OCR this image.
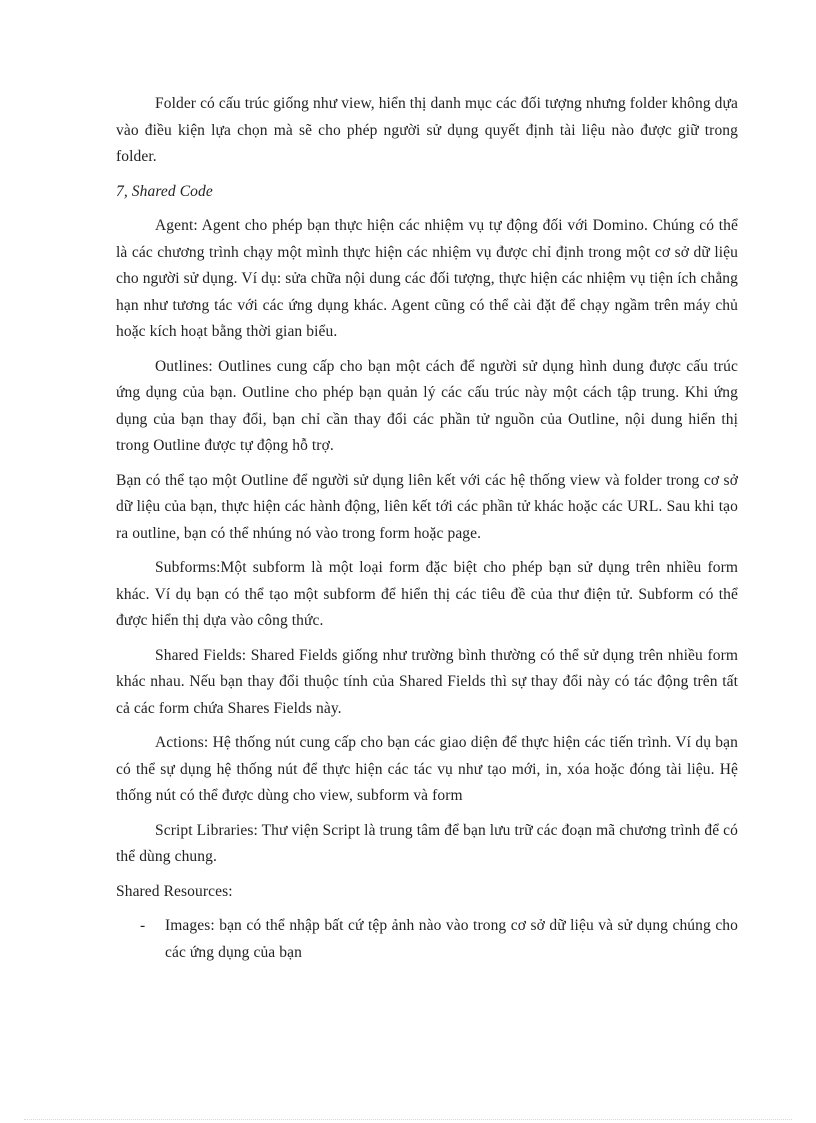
Folder có cấu trúc giống như view, hiển thị danh mục các đối tượng nhưng folder không dựa vào điều kiện lựa chọn mà sẽ cho phép người sử dụng quyết định tài liệu nào được giữ trong folder.

7, Shared Code

Agent: Agent cho phép bạn thực hiện các nhiệm vụ tự động đối với Domino. Chúng có thể là các chương trình chạy một mình thực hiện các nhiệm vụ được chỉ định trong một cơ sở dữ liệu cho người sử dụng. Ví dụ: sửa chữa nội dung các đối tượng, thực hiện các nhiệm vụ tiện ích chẳng hạn như tương tác với các ứng dụng khác. Agent cũng có thể cài đặt để chạy ngầm trên máy chủ hoặc kích hoạt bằng thời gian biểu.

Outlines: Outlines cung cấp cho bạn một cách để người sử dụng hình dung được cấu trúc ứng dụng của bạn. Outline cho phép bạn quản lý các cấu trúc này một cách tập trung. Khi ứng dụng của bạn thay đổi, bạn chỉ cần thay đổi các phần tử nguồn của Outline, nội dung hiển thị trong Outline được tự động hỗ trợ.

Bạn có thể tạo một Outline để người sử dụng liên kết với các hệ thống view và folder trong cơ sở dữ liệu của bạn, thực hiện các hành động, liên kết tới các phần tử khác hoặc các URL. Sau khi tạo ra outline, bạn có thể nhúng nó vào trong form hoặc page.

Subforms:Một subform là một loại form đặc biệt cho phép bạn sử dụng trên nhiều form khác. Ví dụ bạn có thể tạo một subform để hiển thị các tiêu đề của thư điện tử. Subform có thể được hiển thị dựa vào công thức.

Shared Fields: Shared Fields giống như trường bình thường có thể sử dụng trên nhiều form khác nhau. Nếu bạn thay đổi thuộc tính của Shared Fields thì sự thay đổi này có tác động trên tất cả các form chứa Shares Fields này.

Actions: Hệ thống nút cung cấp cho bạn các giao diện để thực hiện các tiến trình. Ví dụ bạn có thể sự dụng hệ thống nút để thực hiện các tác vụ như tạo mới, in, xóa hoặc đóng tài liệu. Hệ thống nút có thể được dùng cho view, subform và form

Script Libraries: Thư viện Script là trung tâm để bạn lưu trữ các đoạn mã chương trình để có thể dùng chung.

Shared Resources:

-	Images: bạn có thể nhập bất cứ tệp ảnh nào vào trong cơ sở dữ liệu và sử dụng chúng cho các ứng dụng của bạn
